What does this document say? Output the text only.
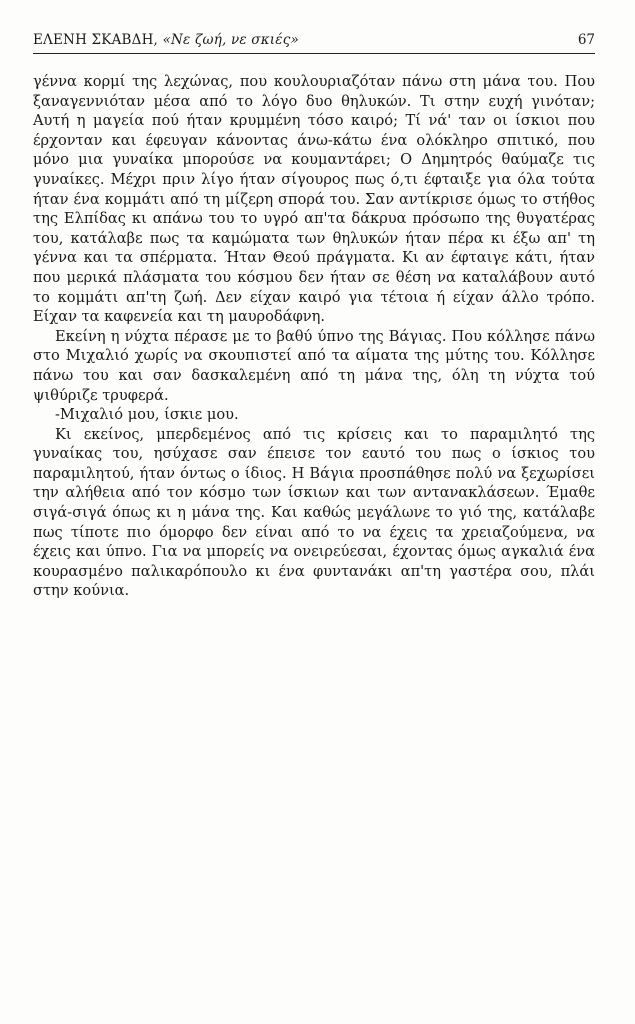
ΕΛΕΝΗ ΣΚΑΒΔΗ, «Νε ζωή, νε σκιές»	67

γέννα κορμί της λεχώνας, που κουλουριαζόταν πάνω στη μάνα του. Που ξαναγεννιόταν μέσα από το λόγο δυο θηλυκών. Τι στην ευχή γινόταν; Αυτή η μαγεία πού ήταν κρυμμένη τόσο καιρό; Τί νά' ταν οι ίσκιοι που έρχονταν και έφευγαν κάνοντας άνω-κάτω ένα ολόκληρο σπιτικό, που μόνο μια γυναίκα μπορούσε να κουμαντάρει; Ο Δημητρός θαύμαζε τις γυναίκες. Μέχρι πριν λίγο ήταν σίγουρος πως ό,τι έφταιξε για όλα τούτα ήταν ένα κομμάτι από τη μίζερη σπορά του. Σαν αντίκρισε όμως το στήθος της Ελπίδας κι απάνω του το υγρό απ'τα δάκρυα πρόσωπο της θυγατέρας του, κατάλαβε πως τα καμώματα των θηλυκών ήταν πέρα κι έξω απ' τη γέννα και τα σπέρματα. Ήταν Θεού πράγματα. Κι αν έφταιγε κάτι, ήταν που μερικά πλάσματα του κόσμου δεν ήταν σε θέση να καταλάβουν αυτό το κομμάτι απ'τη ζωή. Δεν είχαν καιρό για τέτοια ή είχαν άλλο τρόπο. Είχαν τα καφενεία και τη μαυροδάφνη.

Εκείνη η νύχτα πέρασε με το βαθύ ύπνο της Βάγιας. Που κόλλησε πάνω στο Μιχαλιό χωρίς να σκουπιστεί από τα αίματα της μύτης του. Κόλλησε πάνω του και σαν δασκαλεμένη από τη μάνα της, όλη τη νύχτα τού ψιθύριζε τρυφερά.

-Μιχαλιό μου, ίσκιε μου.

Κι εκείνος, μπερδεμένος από τις κρίσεις και το παραμιλητό της γυναίκας του, ησύχασε σαν έπεισε τον εαυτό του πως ο ίσκιος του παραμιλητού, ήταν όντως ο ίδιος. Η Βάγια προσπάθησε πολύ να ξεχωρίσει την αλήθεια από τον κόσμο των ίσκιων και των αντανακλάσεων. Έμαθε σιγά-σιγά όπως κι η μάνα της. Και καθώς μεγάλωνε το γιό της, κατάλαβε πως τίποτε πιο όμορφο δεν είναι από το να έχεις τα χρειαζούμενα, να έχεις και ύπνο. Για να μπορείς να ονειρεύεσαι, έχοντας όμως αγκαλιά ένα κουρασμένο παλικαρόπουλο κι ένα φυντανάκι απ'τη γαστέρα σου, πλάι στην κούνια.
